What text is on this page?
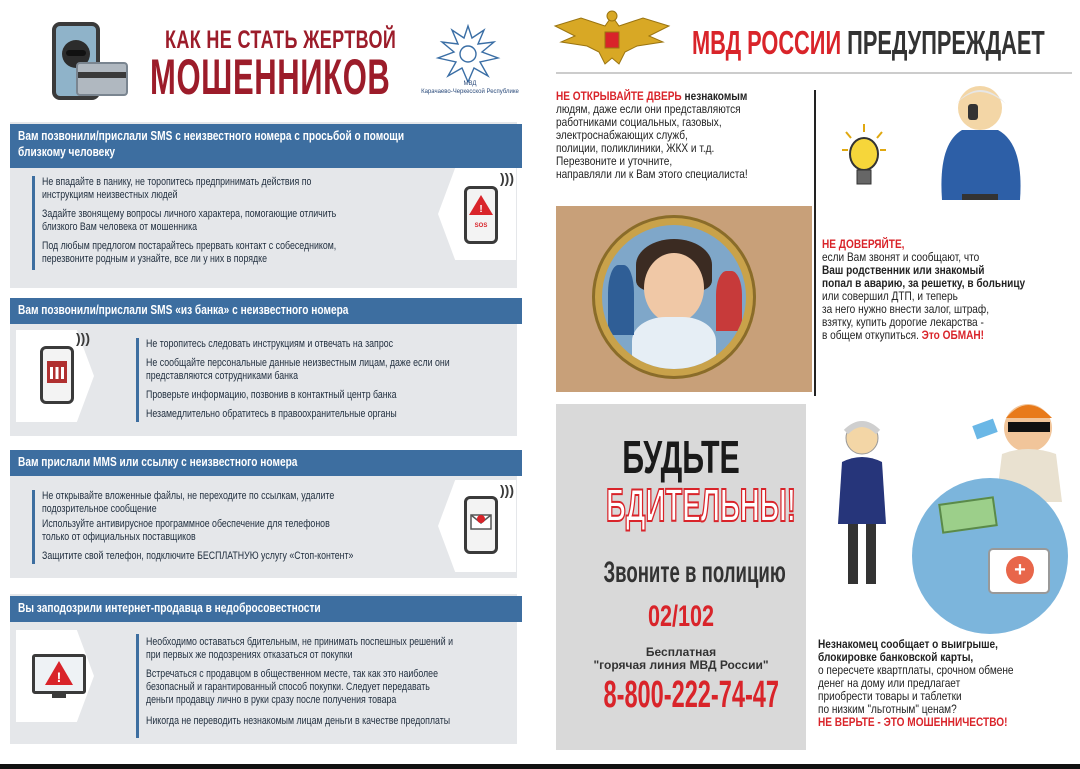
КАК НЕ СТАТЬ ЖЕРТВОЙ
МОШЕННИКОВ	МВД
Карачаево-Черкесской Республике
Вам позвонили/прислали SMS с неизвестного номера с просьбой о помощи
близкому человеку
Не впадайте в панику, не торопитесь предпринимать действия по
инструкциям неизвестных людей
Задайте звонящему вопросы личного характера, помогающие отличить
близкого Вам человека от мошенника
Под любым предлогом постарайтесь прервать контакт с собеседником,
перезвоните родным и узнайте, все ли у них в порядке
!
SOS
)))
Вам позвонили/прислали SMS «из банка» с неизвестного номера
)))	Не торопитесь следовать инструкциям и отвечать на запрос
Не сообщайте персональные данные неизвестным лицам, даже если они
представляются сотрудниками банка
Проверьте информацию, позвонив в контактный центр банка
Незамедлительно обратитесь в правоохранительные органы
Вам прислали MMS или ссылку с неизвестного номера
Не открывайте вложенные файлы, не переходите по ссылкам, удалите
подозрительное сообщение
Используйте антивирусное программное обеспечение для телефонов
только от официальных поставщиков
Защитите свой телефон, подключите БЕСПЛАТНУЮ услугу «Стоп-контент»
)))
Вы заподозрили интернет-продавца в недобросовестности
!
Необходимо оставаться бдительным, не принимать поспешных решений и
при первых же подозрениях отказаться от покупки
Встречаться с продавцом в общественном месте, так как это наиболее
безопасный и гарантированный способ покупки. Следует передавать
деньги продавцу лично в руки сразу после получения товара
Никогда не переводить незнакомым лицам деньги в качестве предоплаты
МВД РОССИИ ПРЕДУПРЕЖДАЕТ
НЕ ОТКРЫВАЙТЕ ДВЕРЬ незнакомым
людям, даже если они представляются
работниками социальных, газовых,
электроснабжающих служб,
полиции, поликлиники, ЖКХ и т.д.
Перезвоните и уточните,
направляли ли к Вам этого специалиста!
НЕ ДОВЕРЯЙТЕ,
если Вам звонят и сообщают, что
Ваш родственник или знакомый
попал в аварию, за решетку, в больницу
или совершил ДТП, и теперь
за него нужно внести залог, штраф,
взятку, купить дорогие лекарства -
в общем откупиться. Это ОБМАН!
БУДЬТЕ
БДИТЕЛЬНЫ!
Звоните в полицию
02/102
Бесплатная
"горячая линия МВД России"
8-800-222-74-47
+
Незнакомец сообщает о выигрыше,
блокировке банковской карты,
о пересчете квартплаты, срочном обмене
денег на дому или предлагает
приобрести товары и таблетки
по низким "льготным" ценам?
НЕ ВЕРЬТЕ - ЭТО МОШЕННИЧЕСТВО!
